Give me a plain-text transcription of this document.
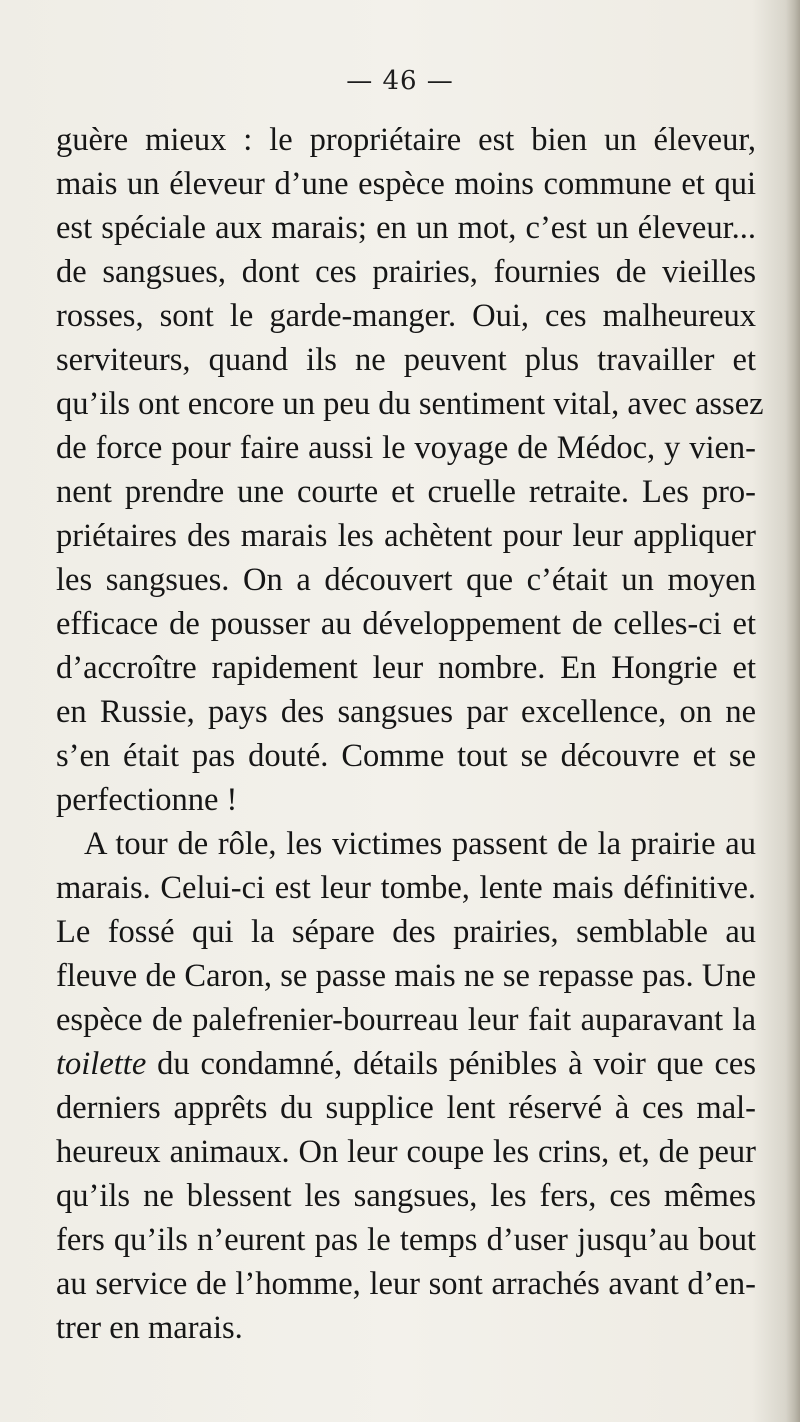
— 46 —
guère mieux : le propriétaire est bien un éleveur,
mais un éleveur d’une espèce moins commune et qui
est spéciale aux marais; en un mot, c’est un éleveur...
de sangsues, dont ces prairies, fournies de vieilles
rosses, sont le garde-manger. Oui, ces malheureux
serviteurs, quand ils ne peuvent plus travailler et
qu’ils ont encore un peu du sentiment vital, avec assez
de force pour faire aussi le voyage de Médoc, y vien-
nent prendre une courte et cruelle retraite. Les pro-
priétaires des marais les achètent pour leur appliquer
les sangsues. On a découvert que c’était un moyen
efficace de pousser au développement de celles-ci et
d’accroître rapidement leur nombre. En Hongrie et
en Russie, pays des sangsues par excellence, on ne
s’en était pas douté. Comme tout se découvre et se
perfectionne !
A tour de rôle, les victimes passent de la prairie au
marais. Celui-ci est leur tombe, lente mais définitive.
Le fossé qui la sépare des prairies, semblable au
fleuve de Caron, se passe mais ne se repasse pas. Une
espèce de palefrenier-bourreau leur fait auparavant la
toilette du condamné, détails pénibles à voir que ces
derniers apprêts du supplice lent réservé à ces mal-
heureux animaux. On leur coupe les crins, et, de peur
qu’ils ne blessent les sangsues, les fers, ces mêmes
fers qu’ils n’eurent pas le temps d’user jusqu’au bout
au service de l’homme, leur sont arrachés avant d’en-
trer en marais.
